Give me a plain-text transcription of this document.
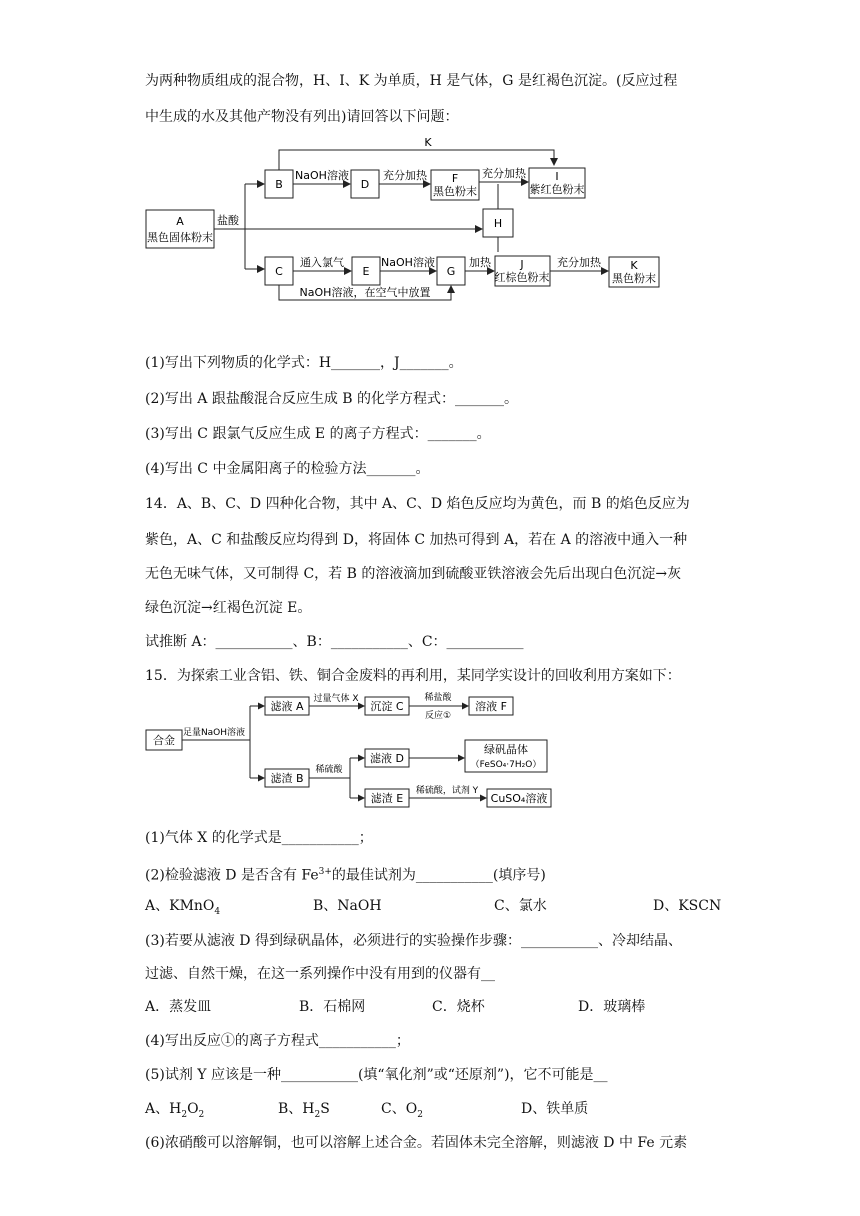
为两种物质组成的混合物，H、I、K 为单质，H 是气体，G 是红褐色沉淀。(反应过程
中生成的水及其他产物没有列出)请回答以下问题：
K
A
黑色固体粉末
盐酸
B
NaOH溶液
D
充分加热 F
黑色粉末
充分加热	I
紫红色粉末
H
C
通入氯气
E
NaOH溶液
G
加热	J
红棕色粉末
充分加热	K
黑色粉末
NaOH溶液，在空气中放置
(1)写出下列物质的化学式：H_______，J_______。
(2)写出 A 跟盐酸混合反应生成 B 的化学方程式：_______。
(3)写出 C 跟氯气反应生成 E 的离子方程式：_______。
(4)写出 C 中金属阳离子的检验方法_______。
14．A、B、C、D 四种化合物，其中 A、C、D 焰色反应均为黄色，而 B 的焰色反应为
紫色，A、C 和盐酸反应均得到 D，将固体 C 加热可得到 A，若在 A 的溶液中通入一种
无色无味气体，又可制得 C，若 B 的溶液滴加到硫酸亚铁溶液会先后出现白色沉淀→灰
绿色沉淀→红褐色沉淀 E。
试推断 A：___________、B：___________、C：___________
15．为探索工业含铝、铁、铜合金废料的再利用，某同学实设计的回收利用方案如下：
合金
足量NaOH溶液
滤液 A
过量气体 X
沉淀 C
稀盐酸
反应①
溶液 F
滤渣 B
稀硫酸
滤液 D
绿矾晶体
（FeSO₄·7H₂O）
滤渣 E
稀硫酸，试剂 Y
CuSO₄溶液
(1)气体 X 的化学式是___________；
(2)检验滤液 D 是否含有 $Fe^{3+}$的最佳试剂为___________(填序号)
A、KMnO$_4$	B、NaOH	C、氯水	D、KSCN
(3)若要从滤液 D 得到绿矾晶体，必须进行的实验操作步骤：___________、冷却结晶、
过滤、自然干燥，在这一系列操作中没有用到的仪器有__
A．蒸发皿	B．石棉网	C．烧杯	D．玻璃棒
(4)写出反应①的离子方程式___________；
(5)试剂 Y 应该是一种___________(填“氧化剂”或“还原剂”)，它不可能是__
A、$H_2O_2$	B、$H_2S$	C、$O_2$	D、铁单质
(6)浓硝酸可以溶解铜，也可以溶解上述合金。若固体未完全溶解，则滤液 D 中 Fe 元素
